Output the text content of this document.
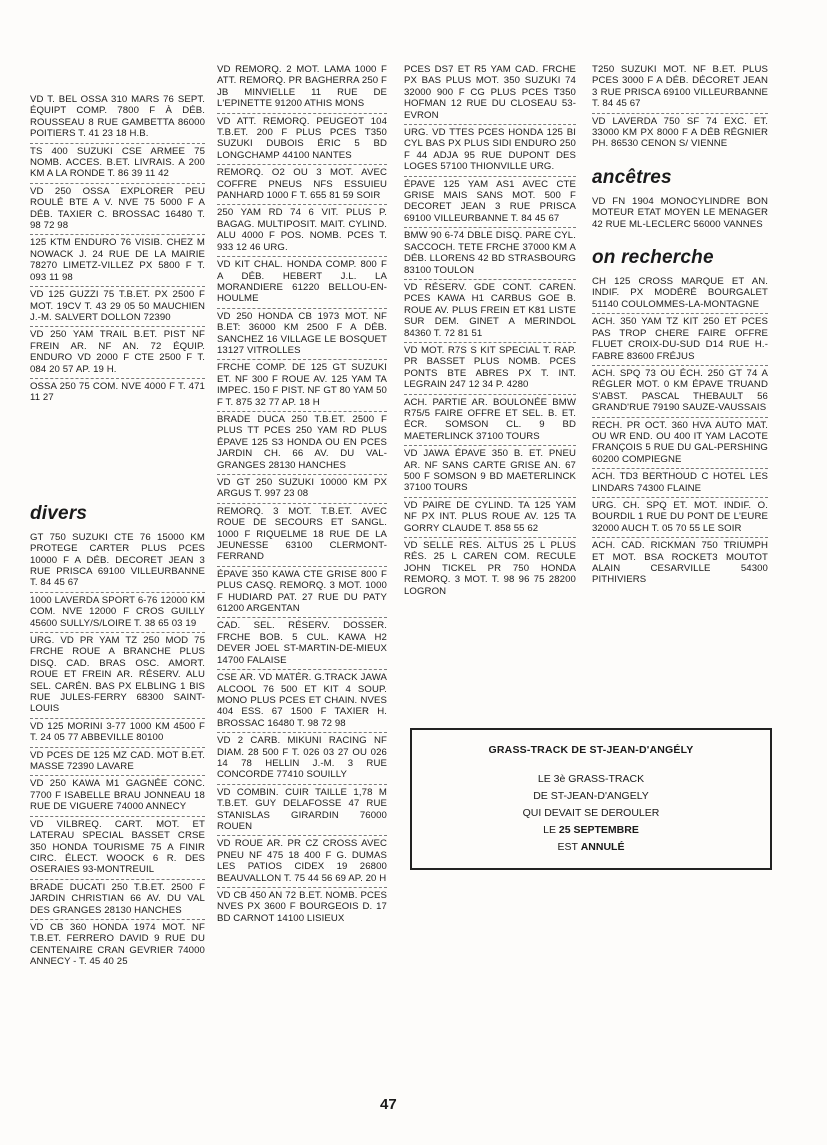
VD T. BEL OSSA 310 MARS 76 SEPT. ÉQUIPT COMP. 7800 F À DÉB. ROUSSEAU 8 RUE GAMBETTA 86000 POITIERS T. 41 23 18 H.B.

TS 400 SUZUKI CSE ARMEE 75 NOMB. ACCES. B.ET. LIVRAIS. A 200 KM A LA RONDE T. 86 39 11 42

VD 250 OSSA EXPLORER PEU ROULÉ BTE A V. NVE 75 5000 F A DÉB. TAXIER C. BROSSAC 16480 T. 98 72 98

125 KTM ENDURO 76 VISIB. CHEZ M NOWACK J. 24 RUE DE LA MAIRIE 78270 LIMETZ-VILLEZ PX 5800 F T. 093 11 98

VD 125 GUZZI 75 T.B.ET. PX 2500 F MOT. 19CV T. 43 29 05 50 MAUCHIEN J.-M. SALVERT DOLLON 72390

VD 250 YAM TRAIL B.ET. PIST NF FREIN AR. NF AN. 72 ÉQUIP. ENDURO VD 2000 F CTE 2500 F T. 084 20 57 AP. 19 H.

OSSA 250 75 COM. NVE 4000 F T. 471 11 27

divers

GT 750 SUZUKI CTE 76 15000 KM PROTEGE CARTER PLUS PCES 10000 F A DÉB. DECORET JEAN 3 RUE PRISCA 69100 VILLEURBANNE T. 84 45 67

1000 LAVERDA SPORT 6-76 12000 KM COM. NVE 12000 F CROS GUILLY 45600 SULLY/S/LOIRE T. 38 65 03 19

URG. VD PR YAM TZ 250 MOD 75 FRCHE ROUE A BRANCHE PLUS DISQ. CAD. BRAS OSC. AMORT. ROUE ET FREIN AR. RÉSERV. ALU SEL. CARÉN. BAS PX ELBLING 1 BIS RUE JULES-FERRY 68300 SAINT-LOUIS

VD 125 MORINI 3-77 1000 KM 4500 F T. 24 05 77 ABBEVILLE 80100

VD PCES DE 125 MZ CAD. MOT B.ET. MASSE 72390 LAVARE

VD 250 KAWA M1 GAGNÉE CONC. 7700 F ISABELLE BRAU JONNEAU 18 RUE DE VIGUERE 74000 ANNECY

VD VILBREQ. CART. MOT. ET LATERAU SPECIAL BASSET CRSE 350 HONDA TOURISME 75 A FINIR CIRC. ÉLECT. WOOCK 6 R. DES OSERAIES 93-MONTREUIL

BRADE DUCATI 250 T.B.ET. 2500 F JARDIN CHRISTIAN 66 AV. DU VAL DES GRANGES 28130 HANCHES

VD CB 360 HONDA 1974 MOT. NF T.B.ET. FERRERO DAVID 9 RUE DU CENTENAIRE CRAN GEVRIER 74000 ANNECY - T. 45 40 25

VD REMORQ. 2 MOT. LAMA 1000 F ATT. REMORQ. PR BAGHERRA 250 F JB MINVIELLE 11 RUE DE L'EPINETTE 91200 ATHIS MONS

VD ATT. REMORQ. PEUGEOT 104 T.B.ET. 200 F PLUS PCES T350 SUZUKI DUBOIS ÉRIC 5 BD LONGCHAMP 44100 NANTES

REMORQ. O2 OU 3 MOT. AVEC COFFRE PNEUS NFS ESSUIEU PANHARD 1000 F T. 655 81 59 SOIR

250 YAM RD 74 6 VIT. PLUS P. BAGAG. MULTIPOSIT. MAIT. CYLIND. ALU 4000 F POS. NOMB. PCES T. 933 12 46 URG.

VD KIT CHAL. HONDA COMP. 800 F A DÉB. HEBERT J.L. LA MORANDIERE 61220 BELLOU-EN-HOULME

VD 250 HONDA CB 1973 MOT. NF B.ET: 36000 KM 2500 F A DÉB. SANCHEZ 16 VILLAGE LE BOSQUET 13127 VITROLLES

FRCHE COMP. DE 125 GT SUZUKI ET. NF 300 F ROUE AV. 125 YAM TA IMPEC. 150 F PIST. NF GT 80 YAM 50 F T. 875 32 77 AP. 18 H

BRADE DUCA 250 T.B.ET. 2500 F PLUS TT PCES 250 YAM RD PLUS ÉPAVE 125 S3 HONDA OU EN PCES JARDIN CH. 66 AV. DU VAL-GRANGES 28130 HANCHES

VD GT 250 SUZUKI 10000 KM PX ARGUS T. 997 23 08

REMORQ. 3 MOT. T.B.ET. AVEC ROUE DE SECOURS ET SANGL. 1000 F RIQUELME 18 RUE DE LA JEUNESSE 63100 CLERMONT-FERRAND

ÉPAVE 350 KAWA CTE GRISE 800 F PLUS CASQ. REMORQ. 3 MOT. 1000 F HUDIARD PAT. 27 RUE DU PATY 61200 ARGENTAN

CAD. SEL. RÉSERV. DOSSER. FRCHE BOB. 5 CUL. KAWA H2 DEVER JOEL ST-MARTIN-DE-MIEUX 14700 FALAISE

CSE AR. VD MATÉR. G.TRACK JAWA ALCOOL 76 500 ET KIT 4 SOUP. MONO PLUS PCES ET CHAIN. NVES 404 ESS. 67 1500 F TAXIER H. BROSSAC 16480 T. 98 72 98

VD 2 CARB. MIKUNI RACING NF DIAM. 28 500 F T. 026 03 27 OU 026 14 78 HELLIN J.-M. 3 RUE CONCORDE 77410 SOUILLY

VD COMBIN. CUIR TAILLE 1,78 M T.B.ET. GUY DELAFOSSE 47 RUE STANISLAS GIRARDIN 76000 ROUEN

VD ROUE AR. PR CZ CROSS AVEC PNEU NF 475 18 400 F G. DUMAS LES PATIOS CIDEX 19 26800 BEAUVALLON T. 75 44 56 69 AP. 20 H

VD CB 450 AN 72 B.ET. NOMB. PCES NVES PX 3600 F BOURGEOIS D. 17 BD CARNOT 14100 LISIEUX

PCES DS7 ET R5 YAM CAD. FRCHE PX BAS PLUS MOT. 350 SUZUKI 74 32000 900 F CG PLUS PCES T350 HOFMAN 12 RUE DU CLOSEAU 53-EVRON

URG. VD TTES PCES HONDA 125 BI CYL BAS PX PLUS SIDI ENDURO 250 F 44 ADJA 95 RUE DUPONT DES LOGES 57100 THIONVILLE URG.

ÉPAVE 125 YAM AS1 AVEC CTE GRISE MAIS SANS MOT. 500 F DECORET JEAN 3 RUE PRISCA 69100 VILLEURBANNE T. 84 45 67

BMW 90 6-74 DBLE DISQ. PARE CYL. SACCOCH. TETE FRCHE 37000 KM A DÉB. LLORENS 42 BD STRASBOURG 83100 TOULON

VD RÉSERV. GDE CONT. CAREN. PCES KAWA H1 CARBUS GOE B. ROUE AV. PLUS FREIN ET K81 LISTE SUR DEM. GINET A MERINDOL 84360 T. 72 81 51

VD MOT. R7S S KIT SPECIAL T. RAP. PR BASSET PLUS NOMB. PCES PONTS BTE ABRES PX T. INT. LEGRAIN 247 12 34 P. 4280

ACH. PARTIE AR. BOULONÉE BMW R75/5 FAIRE OFFRE ET SEL. B. ET. ÉCR. SOMSON CL. 9 BD MAETERLINCK 37100 TOURS

VD JAWA ÉPAVE 350 B. ET. PNEU AR. NF SANS CARTE GRISE AN. 67 500 F SOMSON 9 BD MAETERLINCK 37100 TOURS

VD PAIRE DE CYLIND. TA 125 YAM NF PX INT. PLUS ROUE AV. 125 TA GORRY CLAUDE T. 858 55 62

VD SELLE RES. ALTUS 25 L PLUS RÉS. 25 L CAREN COM. RECULE JOHN TICKEL PR 750 HONDA REMORQ. 3 MOT. T. 98 96 75 28200 LOGRON

T250 SUZUKI MOT. NF B.ET. PLUS PCES 3000 F A DÉB. DÉCORET JEAN 3 RUE PRISCA 69100 VILLEURBANNE T. 84 45 67

VD LAVERDA 750 SF 74 EXC. ET. 33000 KM PX 8000 F A DÉB RÉGNIER PH. 86530 CENON S/ VIENNE

ancêtres

VD FN 1904 MONOCYLINDRE BON MOTEUR ETAT MOYEN LE MENAGER 42 RUE ML-LECLERC 56000 VANNES

on recherche

CH 125 CROSS MARQUE ET AN. INDIF. PX MODÉRÉ BOURGALET 51140 COULOMMES-LA-MONTAGNE

ACH. 350 YAM TZ KIT 250 ET PCES PAS TROP CHERE FAIRE OFFRE FLUET CROIX-DU-SUD D14 RUE H.-FABRE 83600 FRÉJUS

ACH. SPQ 73 OU ÉCH. 250 GT 74 A RÉGLER MOT. 0 KM ÉPAVE TRUAND S'ABST. PASCAL THEBAULT 56 GRAND'RUE 79190 SAUZE-VAUSSAIS

RECH. PR OCT. 360 HVA AUTO MAT. OU WR END. OU 400 IT YAM LACOTE FRANÇOIS 5 RUE DU GAL-PERSHING 60200 COMPIEGNE

ACH. TD3 BERTHOUD C HOTEL LES LINDARS 74300 FLAINE

URG. CH. SPQ ET. MOT. INDIF. O. BOURDIL 1 RUE DU PONT DE L'EURE 32000 AUCH T. 05 70 55 LE SOIR

ACH. CAD. RICKMAN 750 TRIUMPH ET MOT. BSA ROCKET3 MOUTOT ALAIN CESARVILLE 54300 PITHIVIERS

GRASS-TRACK DE ST-JEAN-D'ANGÉLY
LE 3è GRASS-TRACK
DE ST-JEAN-D'ANGELY
QUI DEVAIT SE DEROULER
LE 25 SEPTEMBRE
EST ANNULÉ
47
